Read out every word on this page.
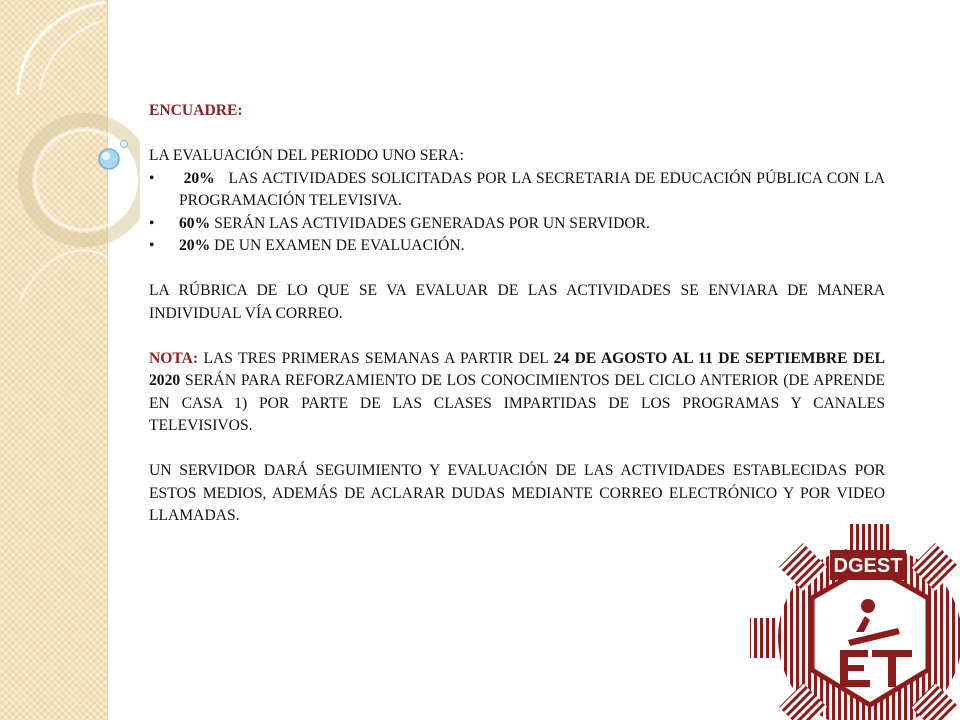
ENCUADRE:

LA EVALUACIÓN DEL PERIODO UNO SERA:

• 20% LAS ACTIVIDADES SOLICITADAS POR LA SECRETARIA DE EDUCACIÓN PÚBLICA CON LA PROGRAMACIÓN TELEVISIVA.
• 60% SERÁN LAS ACTIVIDADES GENERADAS POR UN SERVIDOR.
• 20% DE UN EXAMEN DE EVALUACIÓN.

LA RÚBRICA DE LO QUE SE VA EVALUAR DE LAS ACTIVIDADES SE ENVIARA DE MANERA INDIVIDUAL VÍA CORREO.

NOTA: LAS TRES PRIMERAS SEMANAS A PARTIR DEL 24 DE AGOSTO AL 11 DE SEPTIEMBRE DEL 2020 SERÁN PARA REFORZAMIENTO DE LOS CONOCIMIENTOS DEL CICLO ANTERIOR (DE APRENDE EN CASA 1) POR PARTE DE LAS CLASES IMPARTIDAS DE LOS PROGRAMAS Y CANALES TELEVISIVOS.

UN SERVIDOR DARÁ SEGUIMIENTO Y EVALUACIÓN DE LAS ACTIVIDADES ESTABLECIDAS POR ESTOS MEDIOS, ADEMÁS DE ACLARAR DUDAS MEDIANTE CORREO ELECTRÓNICO Y POR VIDEO LLAMADAS.

DGEST
